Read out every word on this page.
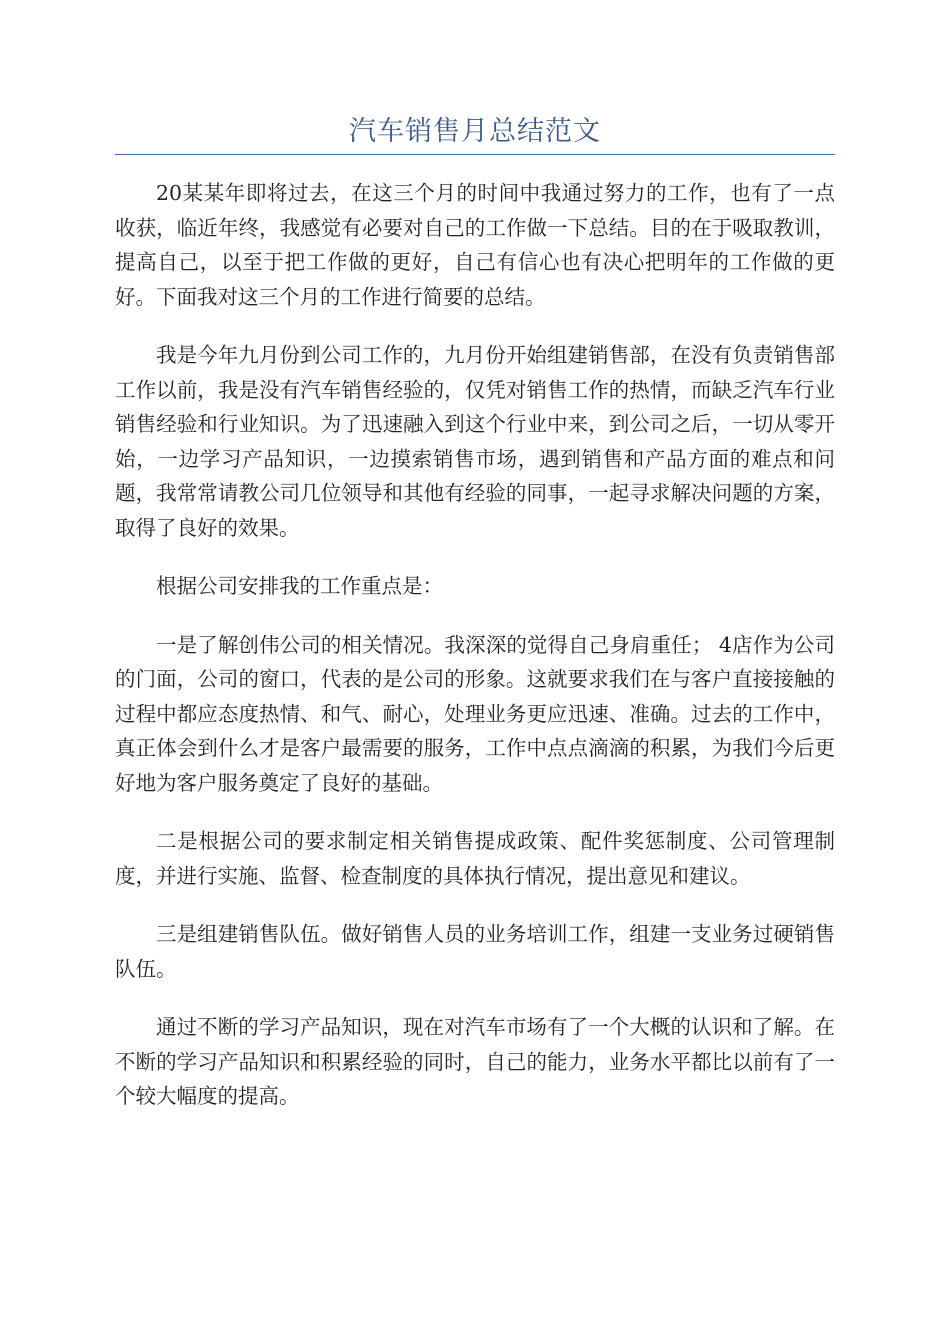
汽车销售月总结范文

20某某年即将过去，在这三个月的时间中我通过努力的工作，也有了一点收获，临近年终，我感觉有必要对自己的工作做一下总结。目的在于吸取教训，提高自己，以至于把工作做的更好，自己有信心也有决心把明年的工作做的更好。下面我对这三个月的工作进行简要的总结。

我是今年九月份到公司工作的，九月份开始组建销售部，在没有负责销售部工作以前，我是没有汽车销售经验的，仅凭对销售工作的热情，而缺乏汽车行业销售经验和行业知识。为了迅速融入到这个行业中来，到公司之后，一切从零开始，一边学习产品知识，一边摸索销售市场，遇到销售和产品方面的难点和问题，我常常请教公司几位领导和其他有经验的同事，一起寻求解决问题的方案，取得了良好的效果。

根据公司安排我的工作重点是：

一是了解创伟公司的相关情况。我深深的觉得自己身肩重任； 4店作为公司的门面，公司的窗口，代表的是公司的形象。这就要求我们在与客户直接接触的过程中都应态度热情、和气、耐心，处理业务更应迅速、准确。过去的工作中，真正体会到什么才是客户最需要的服务，工作中点点滴滴的积累，为我们今后更好地为客户服务奠定了良好的基础。

二是根据公司的要求制定相关销售提成政策、配件奖惩制度、公司管理制度，并进行实施、监督、检查制度的具体执行情况，提出意见和建议。

三是组建销售队伍。做好销售人员的业务培训工作，组建一支业务过硬销售队伍。

通过不断的学习产品知识，现在对汽车市场有了一个大概的认识和了解。在不断的学习产品知识和积累经验的同时，自己的能力，业务水平都比以前有了一个较大幅度的提高。
